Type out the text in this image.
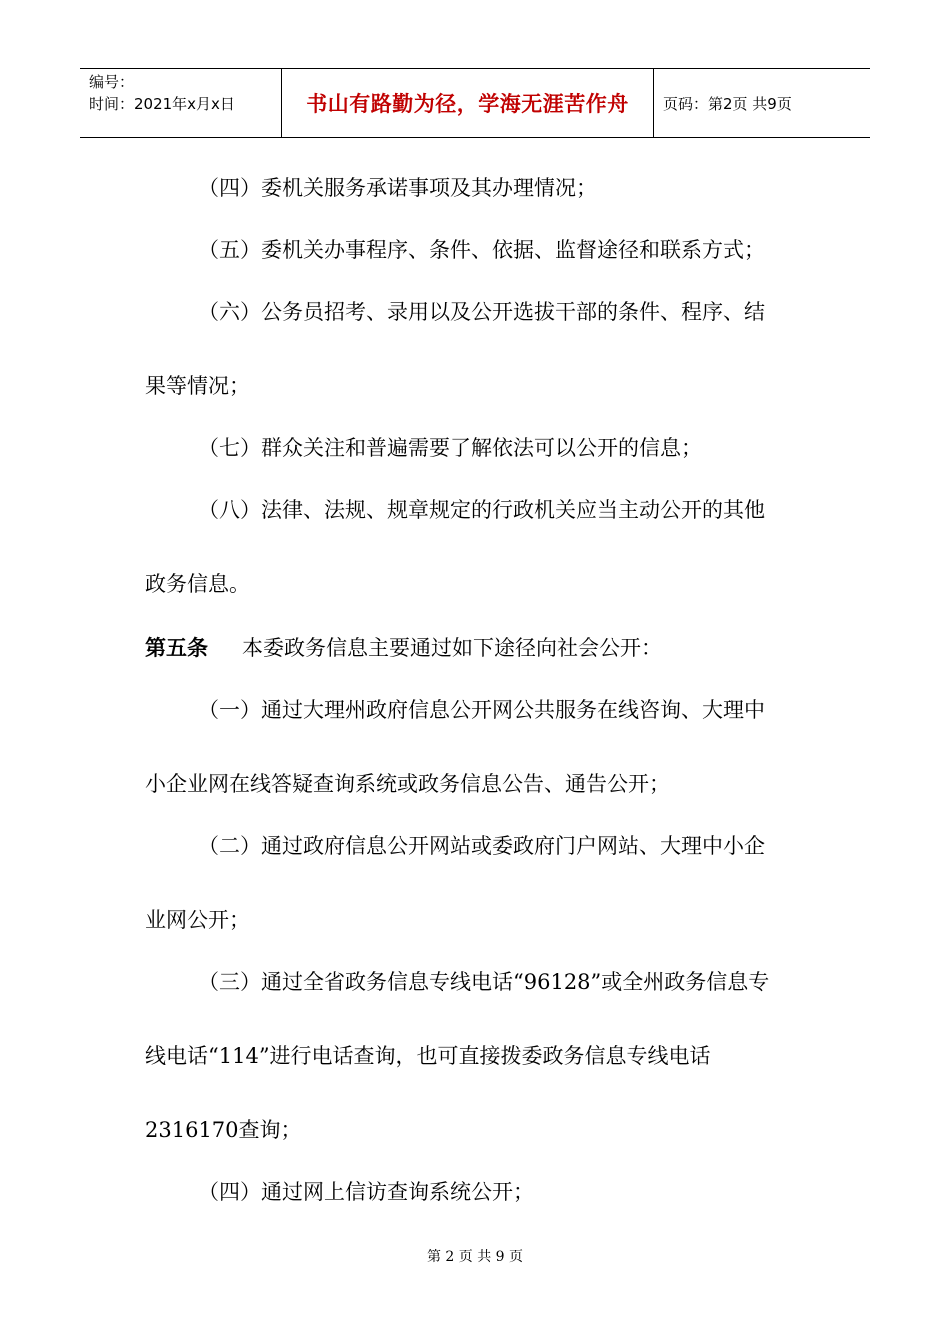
编号：
时间：2021年x月x日	书山有路勤为径，学海无涯苦作舟	页码：第2页 共9页
（四）委机关服务承诺事项及其办理情况；
（五）委机关办事程序、条件、依据、监督途径和联系方式；
（六）公务员招考、录用以及公开选拔干部的条件、程序、结
果等情况；
（七）群众关注和普遍需要了解依法可以公开的信息；
（八）法律、法规、规章规定的行政机关应当主动公开的其他
政务信息。
第五条 本委政务信息主要通过如下途径向社会公开：
（一）通过大理州政府信息公开网公共服务在线咨询、大理中
小企业网在线答疑查询系统或政务信息公告、通告公开；
（二）通过政府信息公开网站或委政府门户网站、大理中小企
业网公开；
（三）通过全省政务信息专线电话“96128”或全州政务信息专
线电话“114”进行电话查询，也可直接拨委政务信息专线电话
2316170查询；
（四）通过网上信访查询系统公开；
第 2 页 共 9 页
